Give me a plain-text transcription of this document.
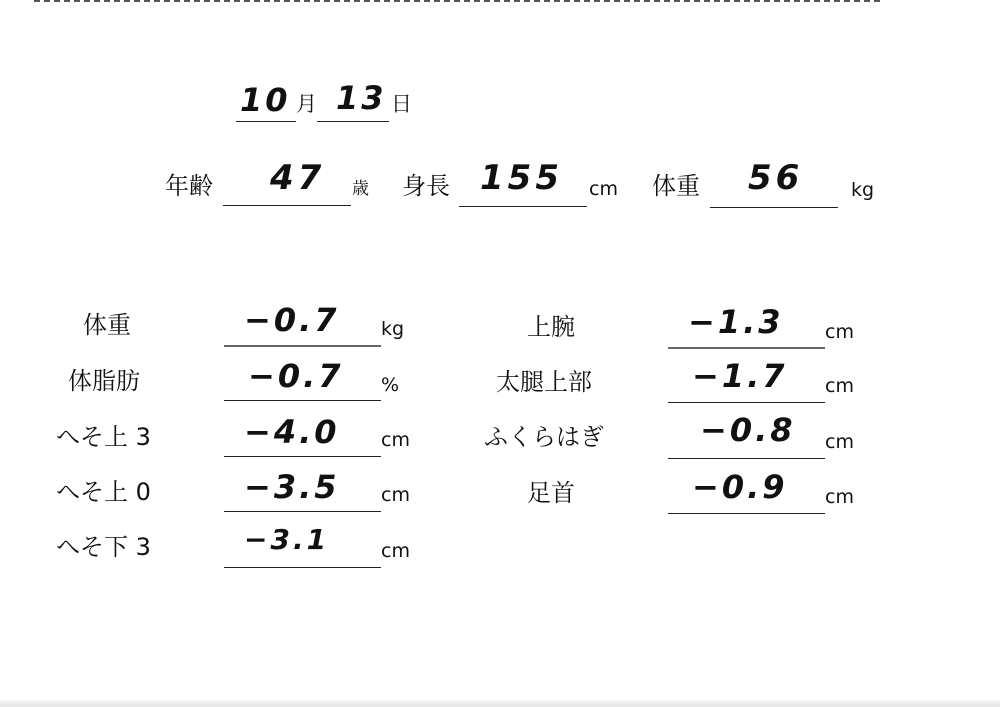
10 月 13 日
年齢 47 歳 身長 155 cm 体重 56	kg
体重	−0.7 kg
体脂肪	−0.7 %
へそ上 3	−4.0 cm
へそ上 0	−3.5 cm
へそ下 3	−3.1	cm
上腕	−1.3 cm
太腿上部	−1.7 cm
ふくらはぎ	−0.8 cm
足首	−0.9 cm
